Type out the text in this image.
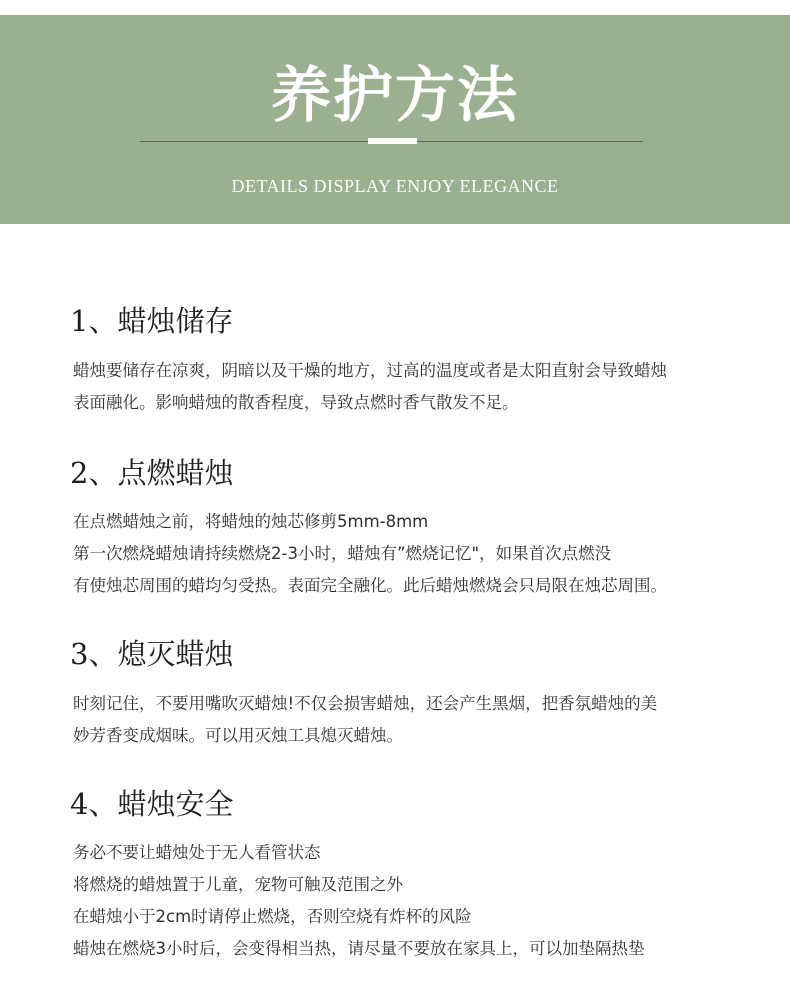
养护方法
DETAILS DISPLAY ENJOY ELEGANCE
1、蜡烛储存
蜡烛要储存在凉爽，阴暗以及干燥的地方，过高的温度或者是太阳直射会导致蜡烛
表面融化。影响蜡烛的散香程度，导致点燃时香气散发不足。
2、点燃蜡烛
在点燃蜡烛之前，将蜡烛的烛芯修剪5mm-8mm
第一次燃烧蜡烛请持续燃烧2-3小时，蜡烛有”燃烧记忆"，如果首次点燃没
有使烛芯周围的蜡均匀受热。表面完全融化。此后蜡烛燃烧会只局限在烛芯周围。
3、熄灭蜡烛
时刻记住，不要用嘴吹灭蜡烛!不仅会损害蜡烛，还会产生黑烟，把香氛蜡烛的美
妙芳香变成烟味。可以用灭烛工具熄灭蜡烛。
4、蜡烛安全
务必不要让蜡烛处于无人看管状态
将燃烧的蜡烛置于儿童，宠物可触及范围之外
在蜡烛小于2cm时请停止燃烧，否则空烧有炸杯的风险
蜡烛在燃烧3小时后，会变得相当热，请尽量不要放在家具上，可以加垫隔热垫
